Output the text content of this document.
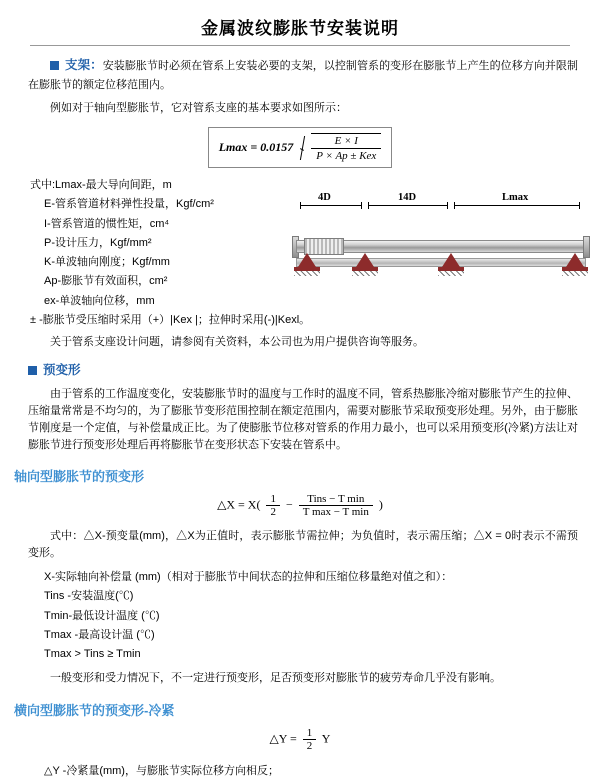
金属波纹膨胀节安装说明

支架：安装膨胀节时必须在管系上安装必要的支架，以控制管系的变形在膨胀节上产生的位移方向并限制在膨胀节的额定位移范围内。

例如对于轴向型膨胀节，它对管系支座的基本要求如图所示：

$Lmax = 0.0157 \frac{E \times I}{\text{P × Ap ± Kex}}$
4D	14D	Lmax
式中:Lmax-最大导向间距，m
E-管系管道材料弹性投量，Kgf/cm²
I-管系管道的惯性矩，cm⁴
P-设计压力，Kgf/mm²
K-单波轴向刚度；Kgf/mm
Ap-膨胀节有效面积，cm²
ex-单波轴向位移，mm
± -膨胀节受压缩时采用（+）|Kex |；拉伸时采用(-)|Kexl。

关于管系支座设计问题，请参阅有关资料，本公司也为用户提供咨询等服务。

预变形

由于管系的工作温度变化，安装膨胀节时的温度与工作时的温度不同，管系热膨胀冷缩对膨胀节产生的拉伸、压缩量常常是不均匀的，为了膨胀节变形范围控制在额定范围内，需要对膨胀节采取预变形处理。另外，由于膨胀节刚度是一个定值，与补偿量成正比。为了使膨胀节位移对管系的作用力最小，也可以采用预变形(冷紧)方法让对膨胀节进行预变形处理后再将膨胀节在变形状态下安装在管系中。

轴向型膨胀节的预变形
△X = $X( \frac{1}{2}$ −	Tins − T min
T max − T min
)

式中：△X-预变量(mm)，△X为正值时，表示膨胀节需拉伸；为负值时，表示需压缩；△X = 0时表示不需预变形。

X-实际轴向补偿量 (mm)（相对于膨胀节中间状态的拉伸和压缩位移量绝对值之和）：
Tins -安装温度(℃)
Tmin-最低设计温度 (℃)
Tmax -最高设计温 (℃)
Tmax > Tins ≥ Tmin

一般变形和受力情况下，不一定进行预变形，足否预变形对膨胀节的疲劳寿命几乎没有影响。

横向型膨胀节的预变形-冷紧
△Y = $\frac{1}{2}$ Y
△Y -冷紧量(mm)，与膨胀节实际位移方向相反；
